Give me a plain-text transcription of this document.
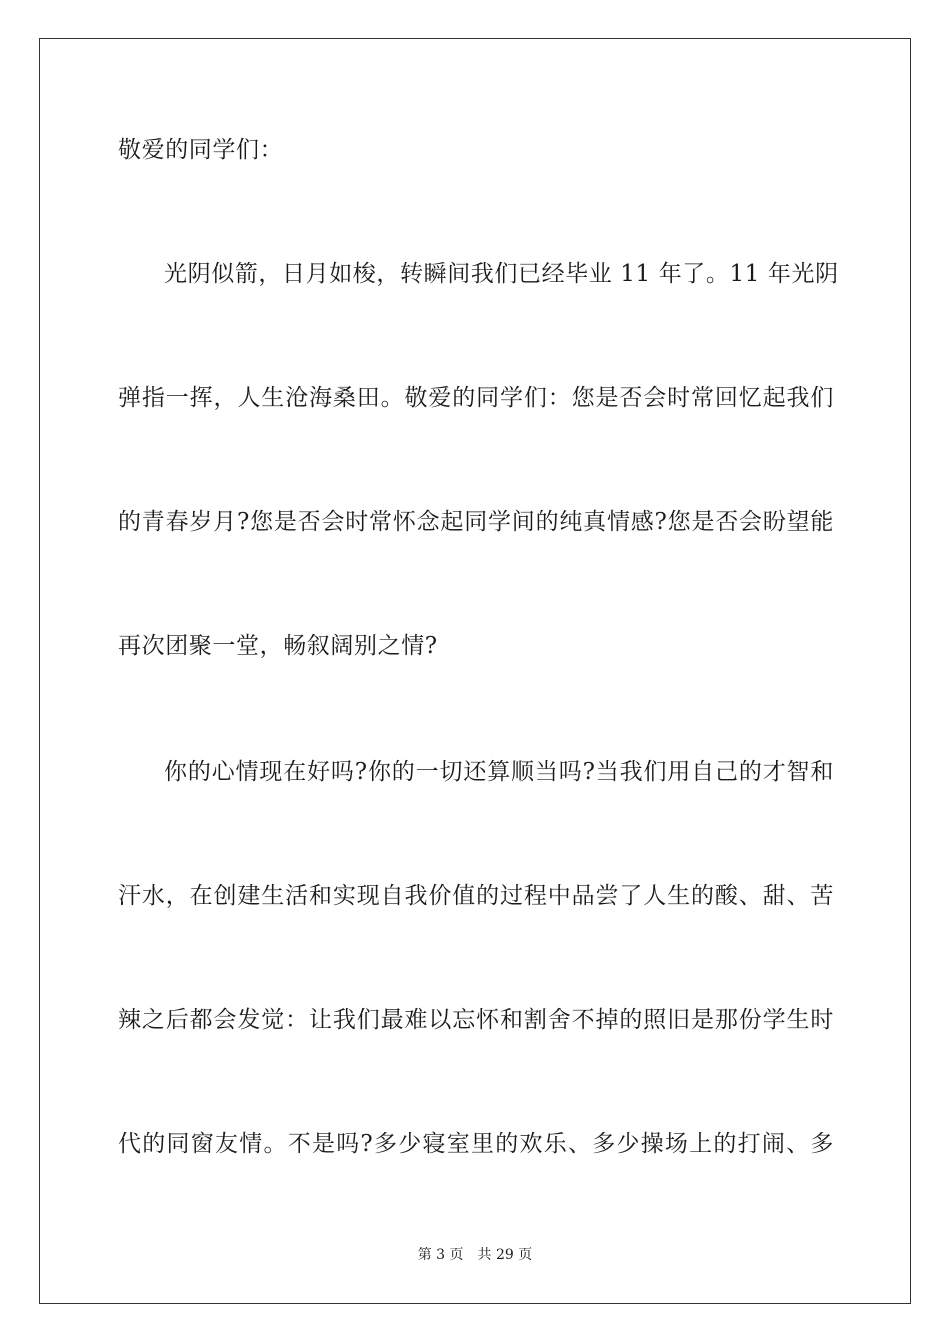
敬爱的同学们：

光阴似箭，日月如梭，转瞬间我们已经毕业 11 年了。11 年光阴

弹指一挥，人生沧海桑田。敬爱的同学们：您是否会时常回忆起我们

的青春岁月?您是否会时常怀念起同学间的纯真情感?您是否会盼望能

再次团聚一堂，畅叙阔别之情?

你的心情现在好吗?你的一切还算顺当吗?当我们用自己的才智和

汗水，在创建生活和实现自我价值的过程中品尝了人生的酸、甜、苦

辣之后都会发觉：让我们最难以忘怀和割舍不掉的照旧是那份学生时

代的同窗友情。不是吗?多少寝室里的欢乐、多少操场上的打闹、多

第 3 页 共 29 页
